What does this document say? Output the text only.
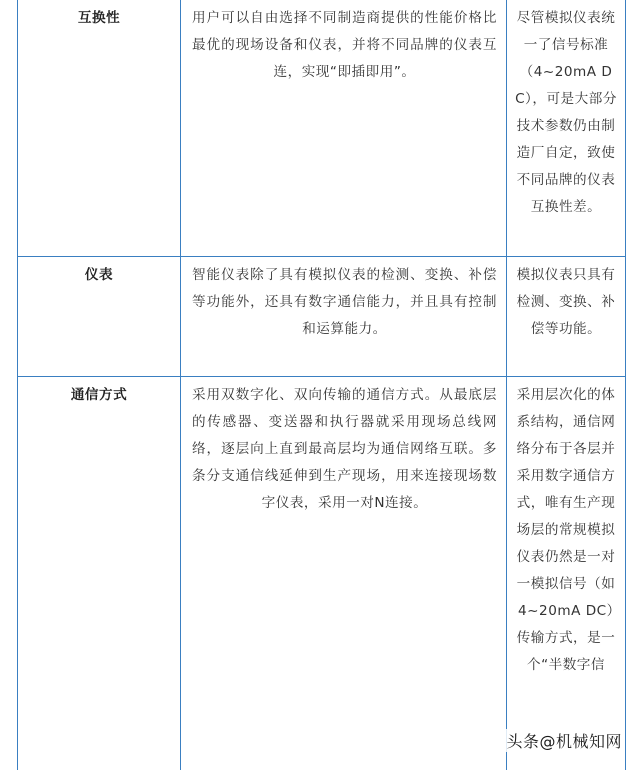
互换性	用户可以自由选择不同制造商提供的性能价格比最优的现场设备和仪表，并将不同品牌的仪表互连，实现“即插即用”。	尽管模拟仪表统一了信号标准（4~20mA DC），可是大部分技术参数仍由制造厂自定，致使不同品牌的仪表互换性差。
仪表	智能仪表除了具有模拟仪表的检测、变换、补偿等功能外，还具有数字通信能力，并且具有控制和运算能力。	模拟仪表只具有检测、变换、补偿等功能。
通信方式	采用双数字化、双向传输的通信方式。从最底层的传感器、变送器和执行器就采用现场总线网络，逐层向上直到最高层均为通信网络互联。多条分支通信线延伸到生产现场，用来连接现场数字仪表，采用一对N连接。	采用层次化的体系结构，通信网络分布于各层并采用数字通信方式，唯有生产现场层的常规模拟仪表仍然是一对一模拟信号（如4~20mA DC）传输方式，是一个“半数字信
头条@机械知网
